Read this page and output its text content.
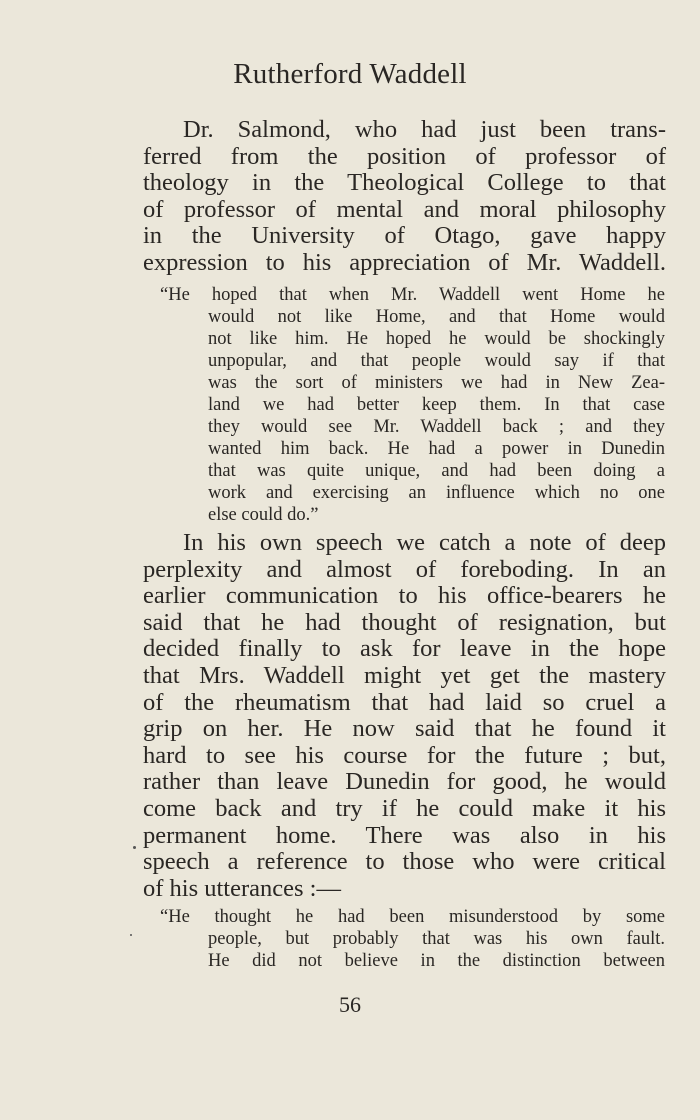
Rutherford Waddell
Dr. Salmond, who had just been trans-
ferred from the position of professor of
theology in the Theological College to that
of professor of mental and moral philosophy
in the University of Otago, gave happy
expression to his appreciation of Mr. Waddell.
“He hoped that when Mr. Waddell went Home he
would not like Home, and that Home would
not like him. He hoped he would be shockingly
unpopular, and that people would say if that
was the sort of ministers we had in New Zea-
land we had better keep them. In that case
they would see Mr. Waddell back ; and they
wanted him back. He had a power in Dunedin
that was quite unique, and had been doing a
work and exercising an influence which no one
else could do.”
In his own speech we catch a note of deep
perplexity and almost of foreboding. In an
earlier communication to his office-bearers he
said that he had thought of resignation, but
decided finally to ask for leave in the hope
that Mrs. Waddell might yet get the mastery
of the rheumatism that had laid so cruel a
grip on her. He now said that he found it
hard to see his course for the future ; but,
rather than leave Dunedin for good, he would
come back and try if he could make it his
permanent home. There was also in his
speech a reference to those who were critical
of his utterances :—
“He thought he had been misunderstood by some
people, but probably that was his own fault.
He did not believe in the distinction between
56
